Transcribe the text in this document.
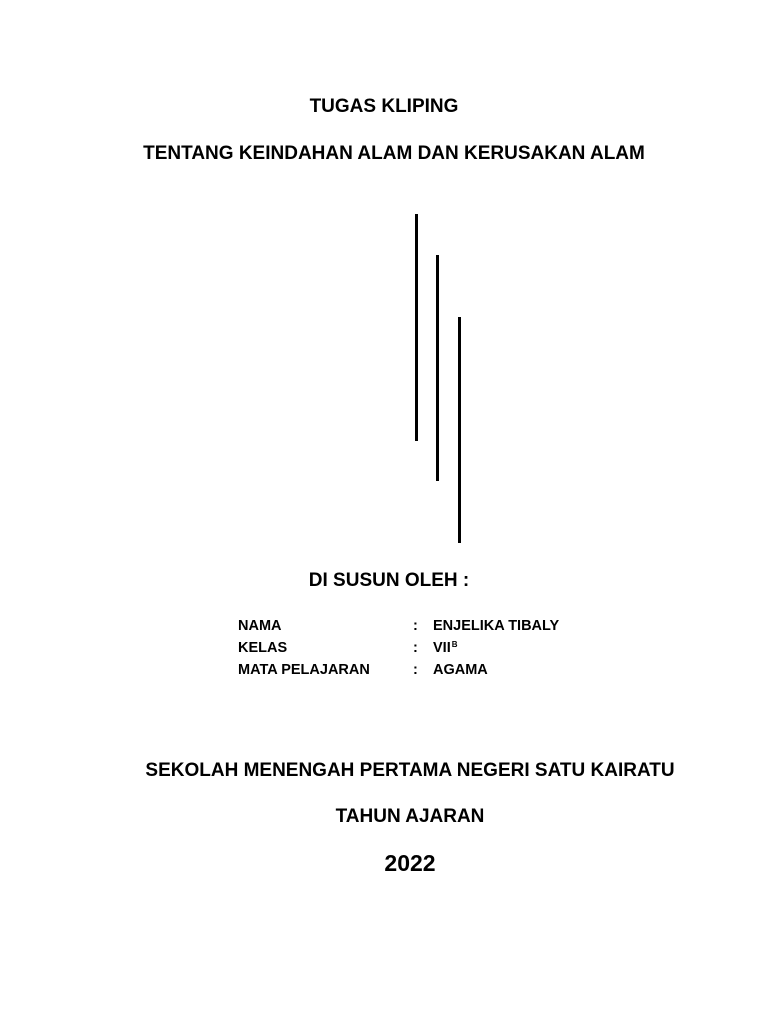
TUGAS KLIPING
TENTANG KEINDAHAN ALAM DAN KERUSAKAN ALAM
DI SUSUN OLEH :
NAMA	: ENJELIKA TIBALY
KELAS	: $VII^B$
MATA PELAJARAN	: AGAMA
SEKOLAH MENENGAH PERTAMA NEGERI SATU KAIRATU
TAHUN AJARAN
2022
